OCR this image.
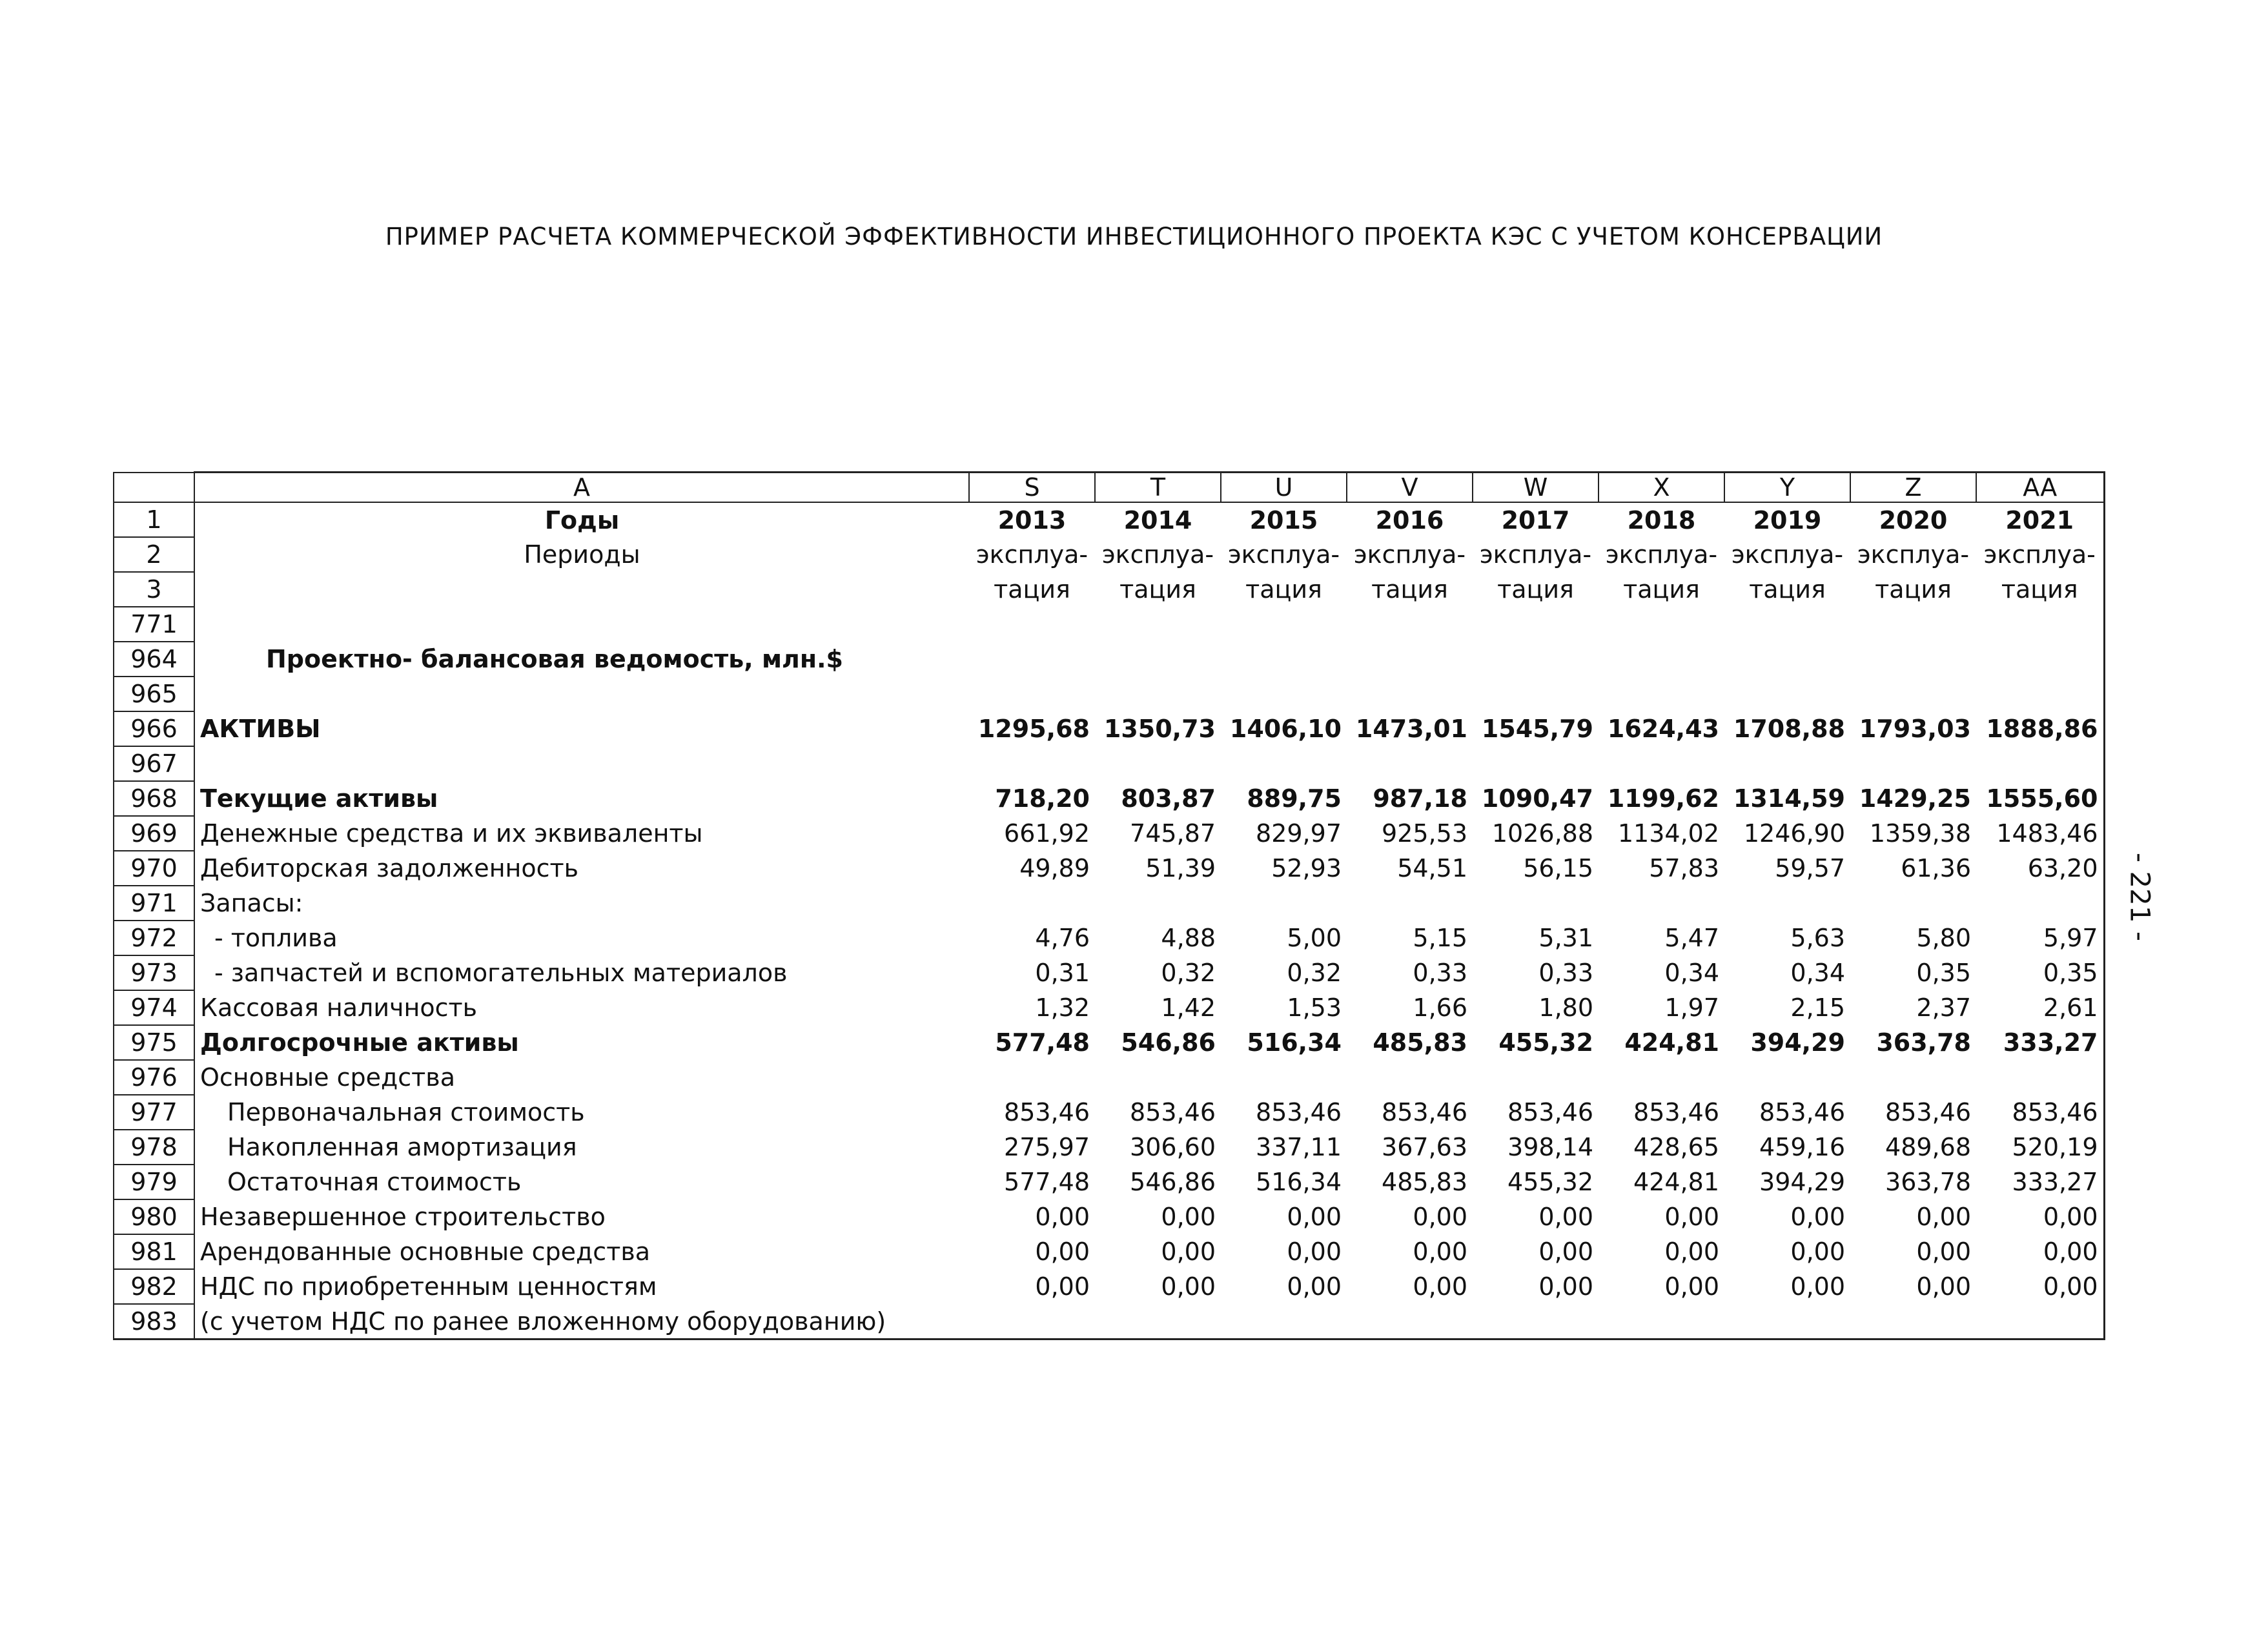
ПРИМЕР РАСЧЕТА КОММЕРЧЕСКОЙ ЭФФЕКТИВНОСТИ ИНВЕСТИЦИОННОГО ПРОЕКТА КЭС С УЧЕТОМ КОНСЕРВАЦИИ
- 221 -
	A	S	T	U	V	W	X	Y	Z	AA
1	Годы	2013	2014	2015	2016	2017	2018	2019	2020	2021
2	Периоды	эксплуа-	эксплуа-	эксплуа-	эксплуа-	эксплуа-	эксплуа-	эксплуа-	эксплуа-	эксплуа-
3		тация	тация	тация	тация	тация	тация	тация	тация	тация
771										
964	Проектно- балансовая ведомость, млн.$									
965										
966	АКТИВЫ	1295,68	1350,73	1406,10	1473,01	1545,79	1624,43	1708,88	1793,03	1888,86
967										
968	Текущие активы	718,20	803,87	889,75	987,18	1090,47	1199,62	1314,59	1429,25	1555,60
969	Денежные средства и их эквиваленты	661,92	745,87	829,97	925,53	1026,88	1134,02	1246,90	1359,38	1483,46
970	Дебиторская задолженность	49,89	51,39	52,93	54,51	56,15	57,83	59,57	61,36	63,20
971	Запасы:									
972	- топлива	4,76	4,88	5,00	5,15	5,31	5,47	5,63	5,80	5,97
973	- запчастей и вспомогательных материалов	0,31	0,32	0,32	0,33	0,33	0,34	0,34	0,35	0,35
974	Кассовая наличность	1,32	1,42	1,53	1,66	1,80	1,97	2,15	2,37	2,61
975	Долгосрочные активы	577,48	546,86	516,34	485,83	455,32	424,81	394,29	363,78	333,27
976	Основные средства									
977	Первоначальная стоимость	853,46	853,46	853,46	853,46	853,46	853,46	853,46	853,46	853,46
978	Накопленная амортизация	275,97	306,60	337,11	367,63	398,14	428,65	459,16	489,68	520,19
979	Остаточная стоимость	577,48	546,86	516,34	485,83	455,32	424,81	394,29	363,78	333,27
980	Незавершенное строительство	0,00	0,00	0,00	0,00	0,00	0,00	0,00	0,00	0,00
981	Арендованные основные средства	0,00	0,00	0,00	0,00	0,00	0,00	0,00	0,00	0,00
982	НДС по приобретенным ценностям	0,00	0,00	0,00	0,00	0,00	0,00	0,00	0,00	0,00
983	(с учетом НДС по ранее вложенному оборудованию)									
